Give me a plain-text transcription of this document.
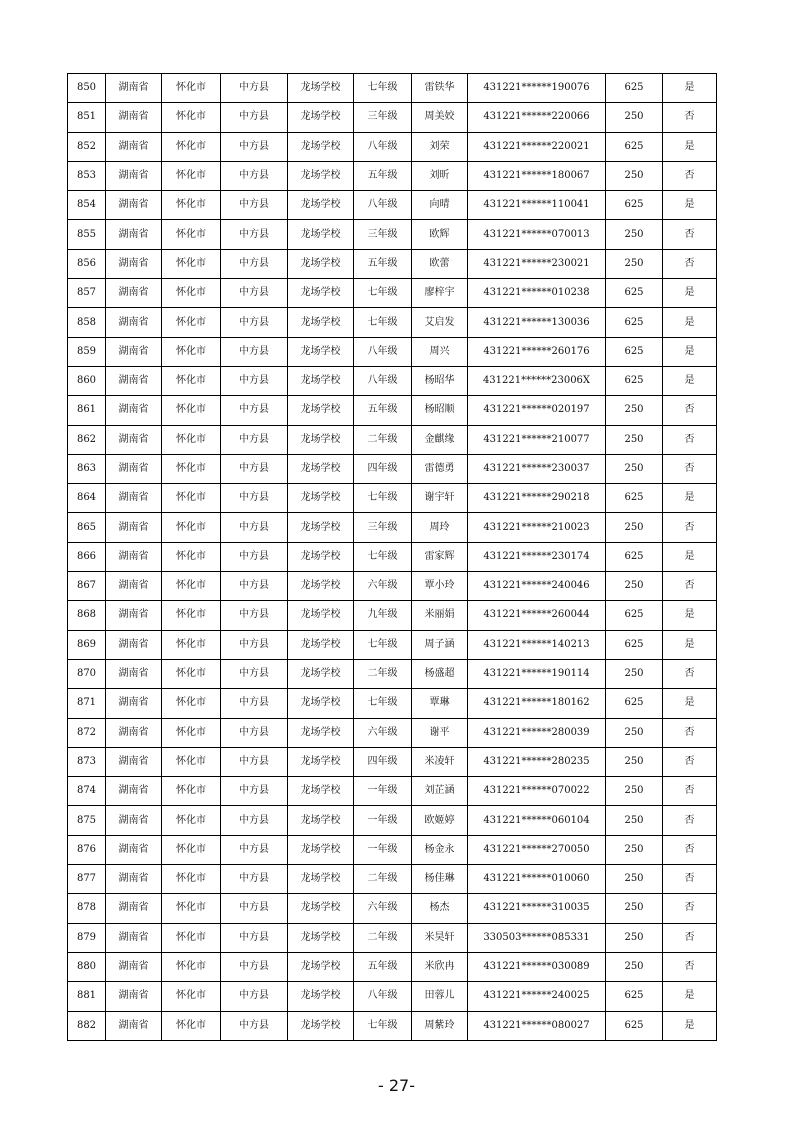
850	湖南省	怀化市	中方县	龙场学校	七年级	雷铁华	431221******190076	625	是
851	湖南省	怀化市	中方县	龙场学校	三年级	周美姣	431221******220066	250	否
852	湖南省	怀化市	中方县	龙场学校	八年级	刘荣	431221******220021	625	是
853	湖南省	怀化市	中方县	龙场学校	五年级	刘昕	431221******180067	250	否
854	湖南省	怀化市	中方县	龙场学校	八年级	向晴	431221******110041	625	是
855	湖南省	怀化市	中方县	龙场学校	三年级	欧辉	431221******070013	250	否
856	湖南省	怀化市	中方县	龙场学校	五年级	欧蕾	431221******230021	250	否
857	湖南省	怀化市	中方县	龙场学校	七年级	廖梓宇	431221******010238	625	是
858	湖南省	怀化市	中方县	龙场学校	七年级	艾启发	431221******130036	625	是
859	湖南省	怀化市	中方县	龙场学校	八年级	周兴	431221******260176	625	是
860	湖南省	怀化市	中方县	龙场学校	八年级	杨昭华	431221******23006X	625	是
861	湖南省	怀化市	中方县	龙场学校	五年级	杨昭顺	431221******020197	250	否
862	湖南省	怀化市	中方县	龙场学校	二年级	金麒缘	431221******210077	250	否
863	湖南省	怀化市	中方县	龙场学校	四年级	雷德勇	431221******230037	250	否
864	湖南省	怀化市	中方县	龙场学校	七年级	谢宇轩	431221******290218	625	是
865	湖南省	怀化市	中方县	龙场学校	三年级	周玲	431221******210023	250	否
866	湖南省	怀化市	中方县	龙场学校	七年级	雷家辉	431221******230174	625	是
867	湖南省	怀化市	中方县	龙场学校	六年级	覃小玲	431221******240046	250	否
868	湖南省	怀化市	中方县	龙场学校	九年级	米丽娟	431221******260044	625	是
869	湖南省	怀化市	中方县	龙场学校	七年级	周子涵	431221******140213	625	是
870	湖南省	怀化市	中方县	龙场学校	二年级	杨盛超	431221******190114	250	否
871	湖南省	怀化市	中方县	龙场学校	七年级	覃琳	431221******180162	625	是
872	湖南省	怀化市	中方县	龙场学校	六年级	谢平	431221******280039	250	否
873	湖南省	怀化市	中方县	龙场学校	四年级	米凌轩	431221******280235	250	否
874	湖南省	怀化市	中方县	龙场学校	一年级	刘芷涵	431221******070022	250	否
875	湖南省	怀化市	中方县	龙场学校	一年级	欧姬婷	431221******060104	250	否
876	湖南省	怀化市	中方县	龙场学校	一年级	杨金永	431221******270050	250	否
877	湖南省	怀化市	中方县	龙场学校	二年级	杨佳琳	431221******010060	250	否
878	湖南省	怀化市	中方县	龙场学校	六年级	杨杰	431221******310035	250	否
879	湖南省	怀化市	中方县	龙场学校	二年级	米昊轩	330503******085331	250	否
880	湖南省	怀化市	中方县	龙场学校	五年级	米欣冉	431221******030089	250	否
881	湖南省	怀化市	中方县	龙场学校	八年级	田蓉儿	431221******240025	625	是
882	湖南省	怀化市	中方县	龙场学校	七年级	周紫玲	431221******080027	625	是
- 27-
